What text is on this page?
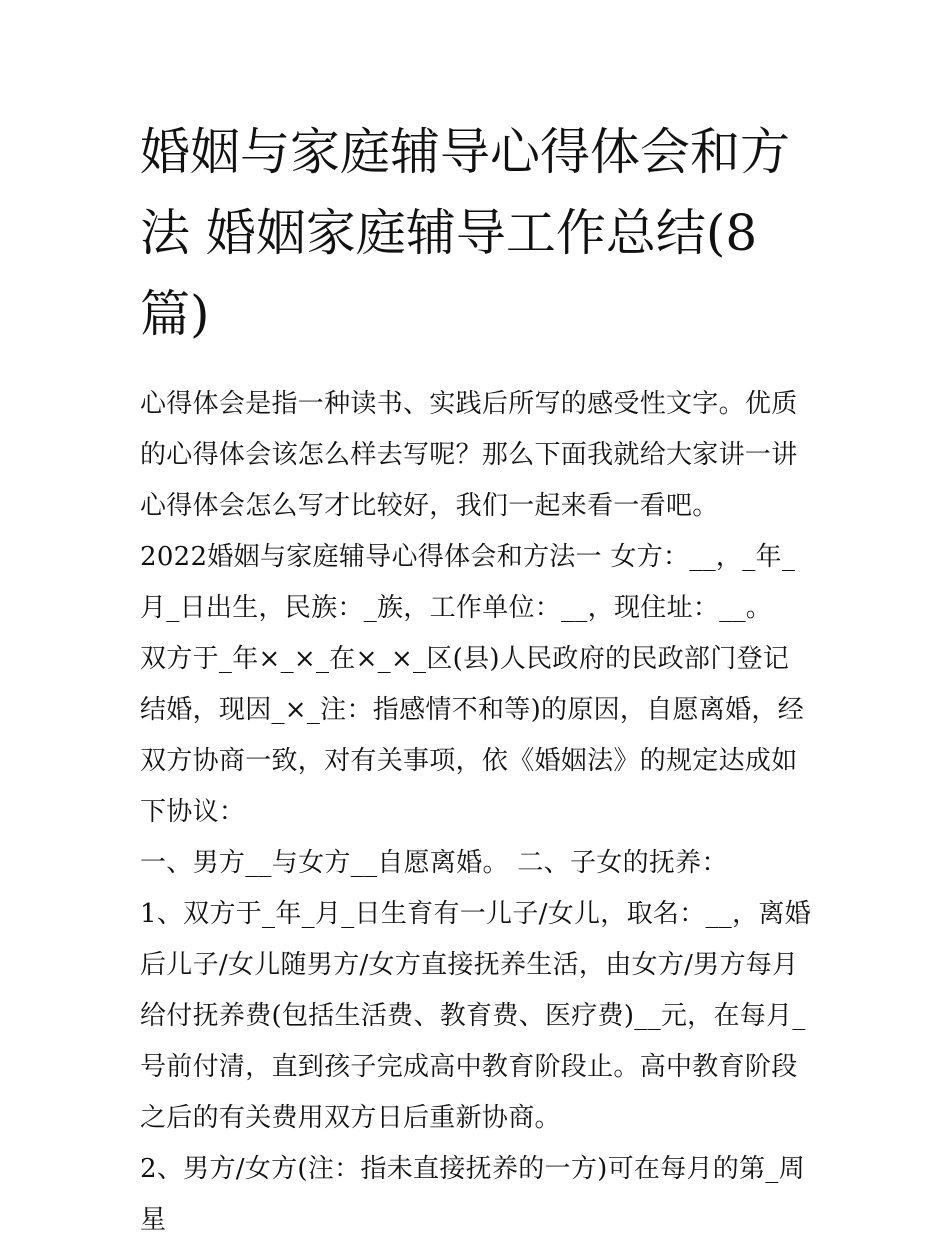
婚姻与家庭辅导心得体会和方法 婚姻家庭辅导工作总结(8篇)

心得体会是指一种读书、实践后所写的感受性文字。优质的心得体会该怎么样去写呢？那么下面我就给大家讲一讲心得体会怎么写才比较好，我们一起来看一看吧。

2022婚姻与家庭辅导心得体会和方法一 女方：__，_年_月_日出生，民族：_族，工作单位：__，现住址：__。

双方于_年×_×_在×_×_区(县)人民政府的民政部门登记结婚，现因_×_注：指感情不和等)的原因，自愿离婚，经双方协商一致，对有关事项，依《婚姻法》的规定达成如下协议：

一、男方__与女方__自愿离婚。 二、子女的抚养：

1、双方于_年_月_日生育有一儿子/女儿，取名：__，离婚后儿子/女儿随男方/女方直接抚养生活，由女方/男方每月给付抚养费(包括生活费、教育费、医疗费)__元，在每月_号前付清，直到孩子完成高中教育阶段止。高中教育阶段之后的有关费用双方日后重新协商。

2、男方/女方(注：指未直接抚养的一方)可在每月的第_周星
